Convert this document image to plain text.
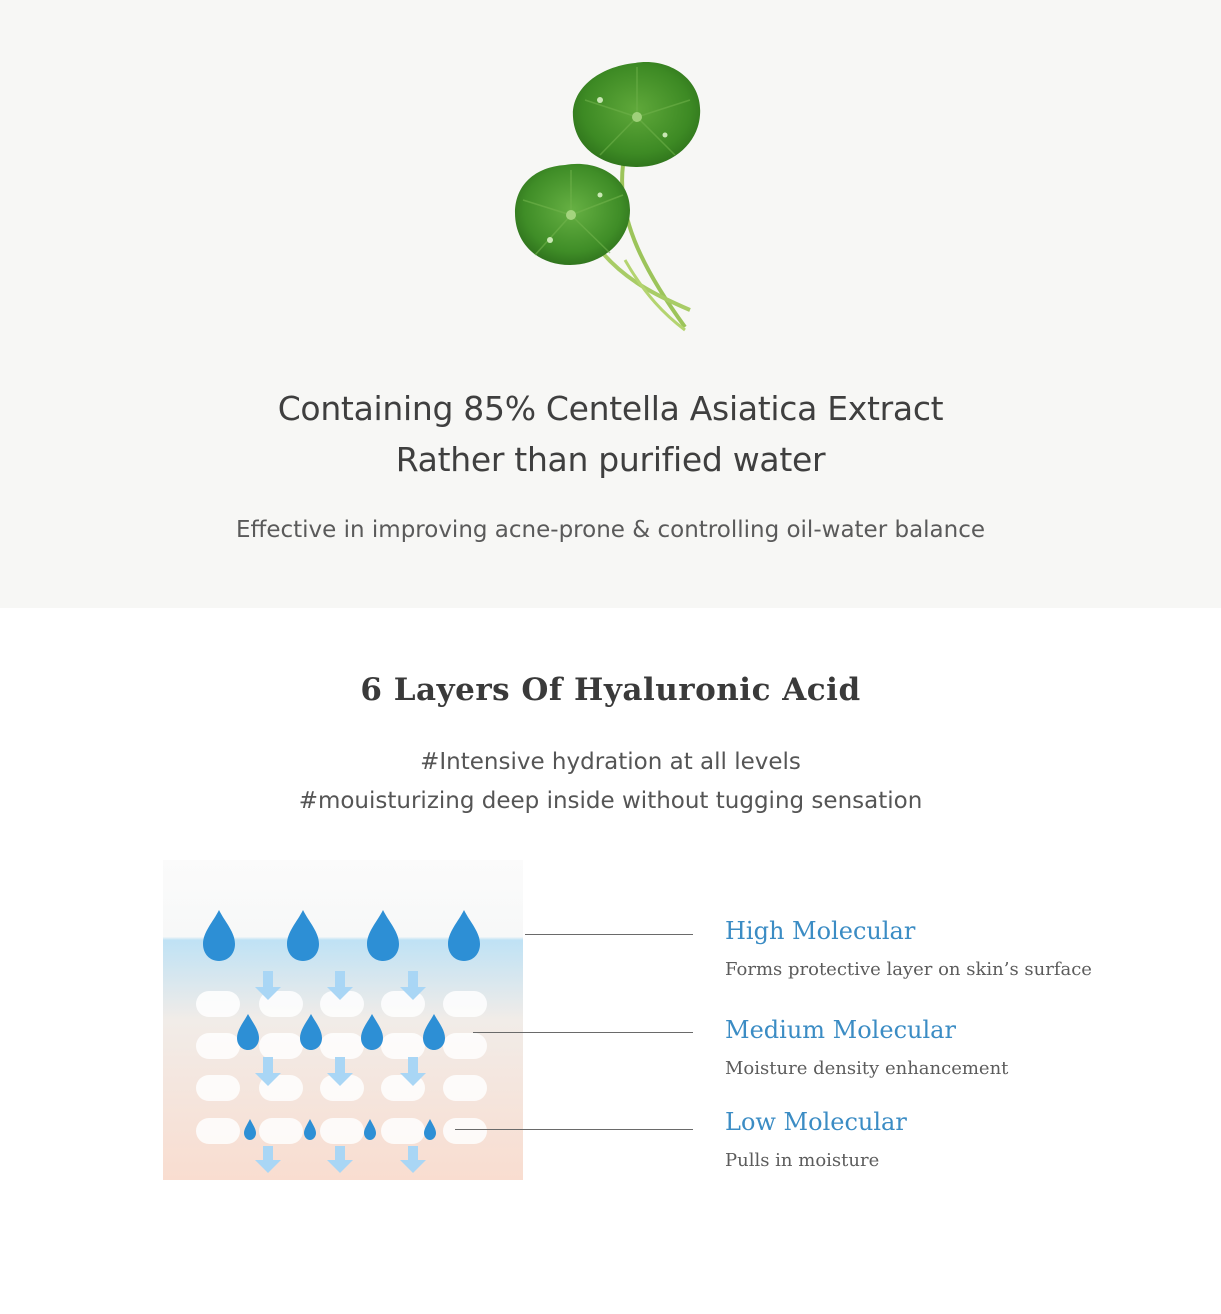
Containing 85% Centella Asiatica Extract
Rather than purified water
Effective in improving acne-prone & controlling oil-water balance
6 Layers Of Hyaluronic Acid
#Intensive hydration at all levels
#mouisturizing deep inside without tugging sensation
High Molecular
Forms protective layer on skin’s surface
Medium Molecular
Moisture density enhancement
Low Molecular
Pulls in moisture
